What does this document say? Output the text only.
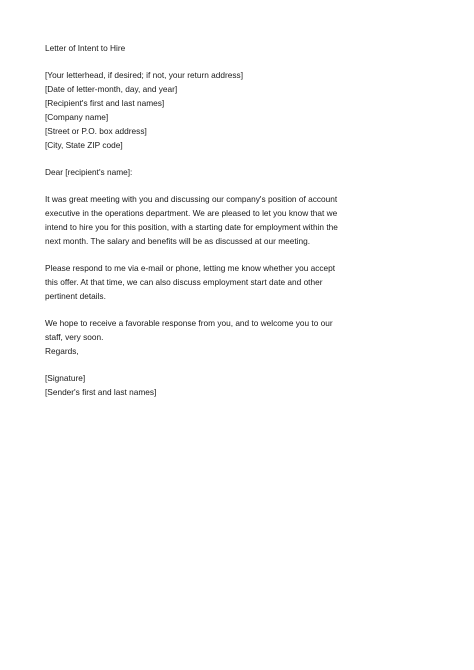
Letter of Intent to Hire
[Your letterhead, if desired; if not, your return address]
[Date of letter-month, day, and year]
[Recipient's first and last names]
[Company name]
[Street or P.O. box address]
[City, State ZIP code]
Dear [recipient's name]:
It was great meeting with you and discussing our company's position of account
executive in the operations department. We are pleased to let you know that we
intend to hire you for this position, with a starting date for employment within the
next month. The salary and benefits will be as discussed at our meeting.
Please respond to me via e-mail or phone, letting me know whether you accept
this offer. At that time, we can also discuss employment start date and other
pertinent details.
We hope to receive a favorable response from you, and to welcome you to our
staff, very soon.
Regards,
[Signature]
[Sender's first and last names]
